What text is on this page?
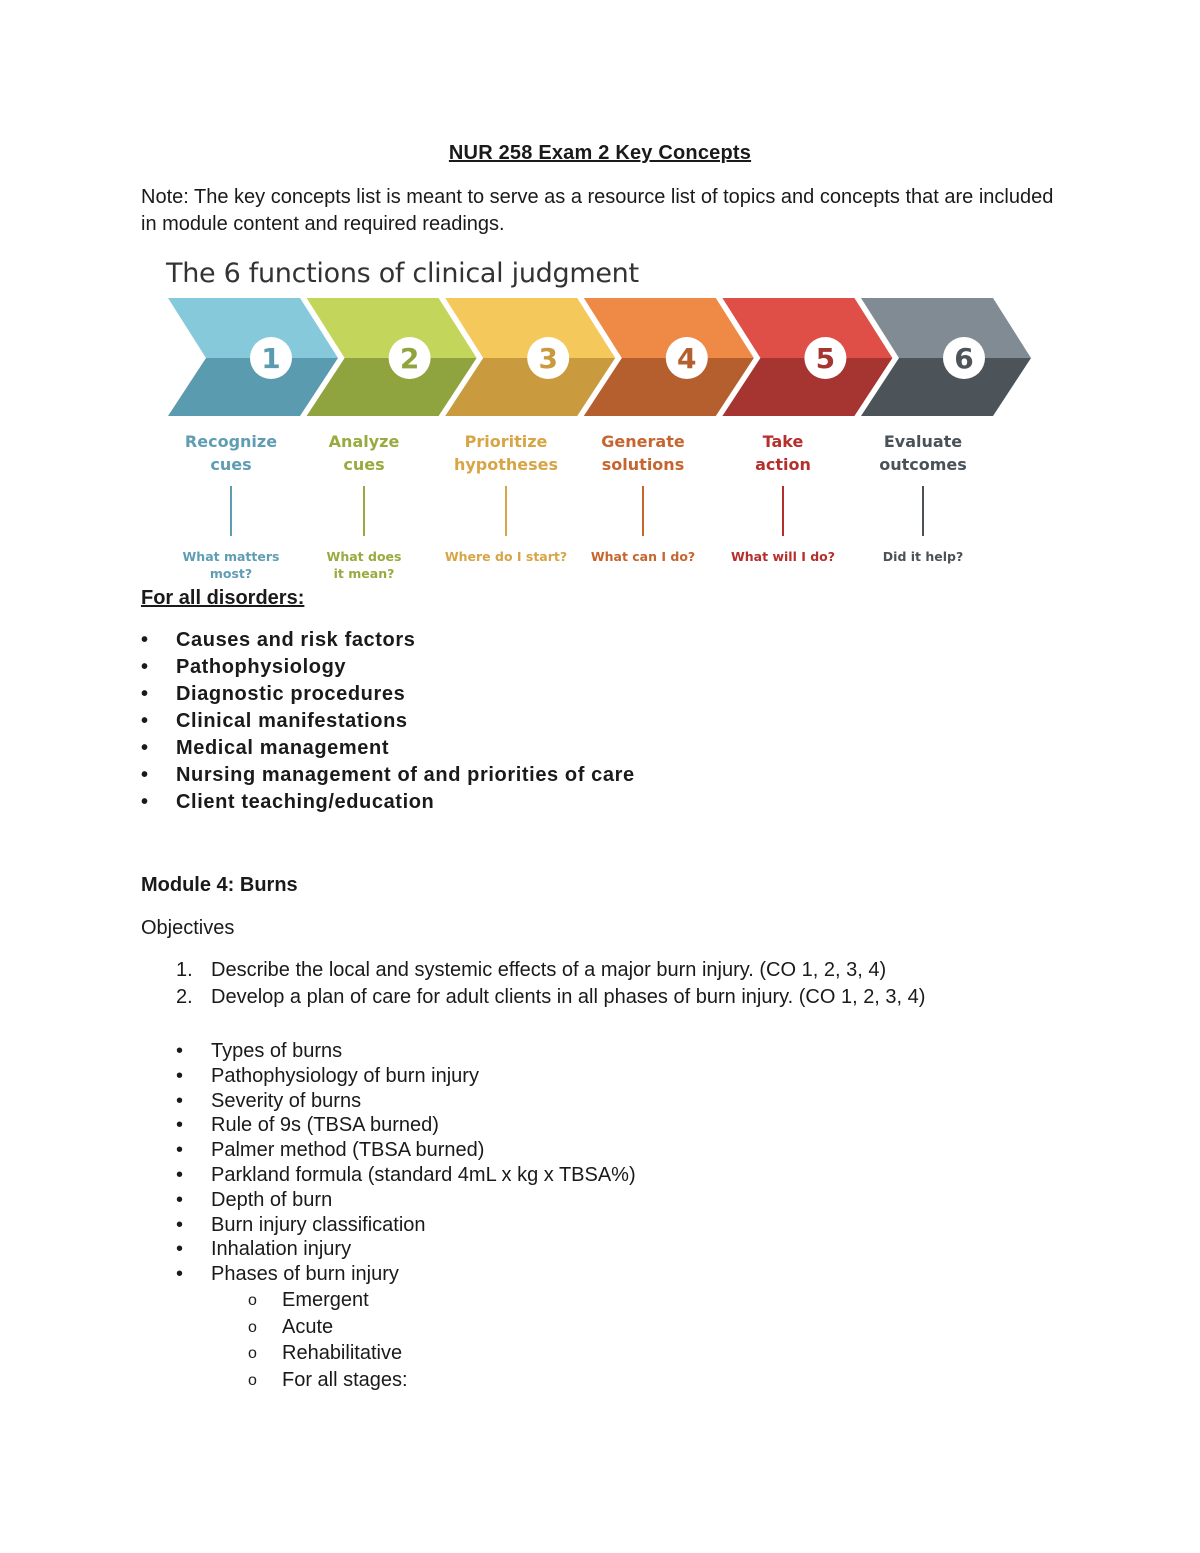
NUR 258 Exam 2 Key Concepts
Note: The key concepts list is meant to serve as a resource list of topics and concepts that are included in module content and required readings.
1	2	3	4	5	6
The 6 functions of clinical judgment
Recognize
cues
What matters
most?
Analyze
cues
What does
it mean?
Prioritize
hypotheses
Where do I start?
Generate
solutions
What can I do?
Take
action
What will I do?
Evaluate
outcomes
Did it help?
For all disorders:
• Causes and risk factors
• Pathophysiology
• Diagnostic procedures
• Clinical manifestations
• Medical management
• Nursing management of and priorities of care
• Client teaching/education
Module 4: Burns
Objectives
1. Describe the local and systemic effects of a major burn injury. (CO 1, 2, 3, 4)
2. Develop a plan of care for adult clients in all phases of burn injury. (CO 1, 2, 3, 4)
• Types of burns
• Pathophysiology of burn injury
• Severity of burns
• Rule of 9s (TBSA burned)
• Palmer method (TBSA burned)
• Parkland formula (standard 4mL x kg x TBSA%)
• Depth of burn
• Burn injury classification
• Inhalation injury
• Phases of burn injury
o Emergent
o Acute
o Rehabilitative
o For all stages:
